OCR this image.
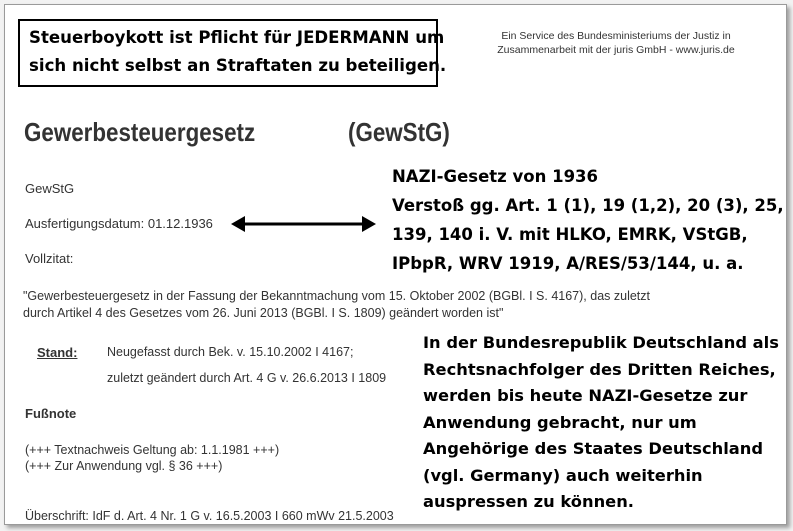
Steuerboykott ist Pflicht für JEDERMANN um
sich nicht selbst an Straftaten zu beteiligen.
Ein Service des Bundesministeriums der Justiz in
Zusammenarbeit mit der juris GmbH - www.juris.de
Gewerbesteuergesetz	(GewStG)
GewStG
Ausfertigungsdatum: 01.12.1936
Vollzitat:
NAZI-Gesetz von 1936
Verstoß gg. Art. 1 (1), 19 (1,2), 20 (3), 25,
139, 140 i. V. mit HLKO, EMRK, VStGB,
IPbpR, WRV 1919, A/RES/53/144, u. a.
"Gewerbesteuergesetz in der Fassung der Bekanntmachung vom 15. Oktober 2002 (BGBl. I S. 4167), das zuletzt
durch Artikel 4 des Gesetzes vom 26. Juni 2013 (BGBl. I S. 1809) geändert worden ist"
Stand: Neugefasst durch Bek. v. 15.10.2002 I 4167;
zuletzt geändert durch Art. 4 G v. 26.6.2013 I 1809
Fußnote
(+++ Textnachweis Geltung ab: 1.1.1981 +++)
(+++ Zur Anwendung vgl. § 36 +++)
Überschrift: IdF d. Art. 4 Nr. 1 G v. 16.5.2003 I 660 mWv 21.5.2003
In der Bundesrepublik Deutschland als
Rechtsnachfolger des Dritten Reiches,
werden bis heute NAZI-Gesetze zur
Anwendung gebracht, nur um
Angehörige des Staates Deutschland
(vgl. Germany) auch weiterhin
auspressen zu können.
